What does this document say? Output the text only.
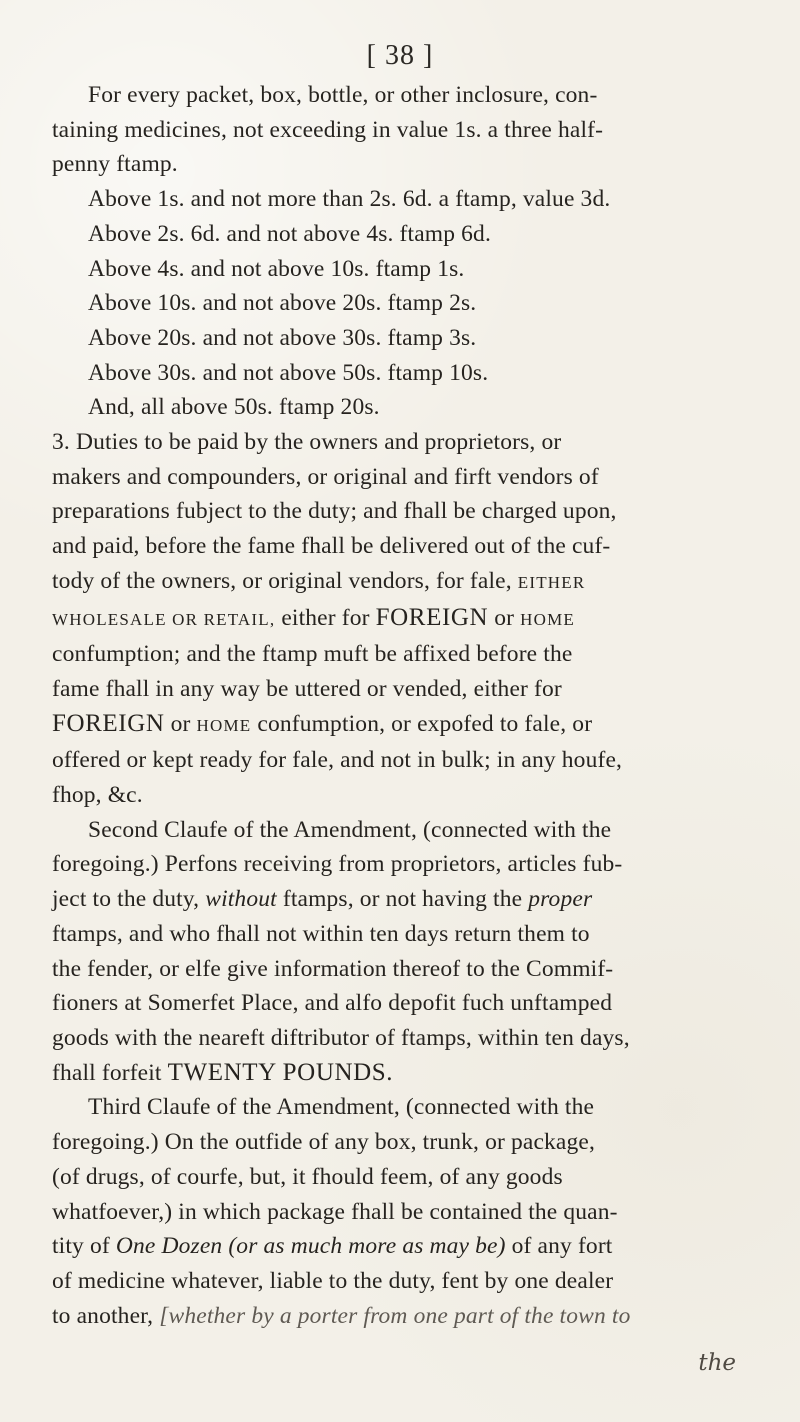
[ 38 ]
For every packet, box, bottle, or other inclosure, con-
taining medicines, not exceeding in value 1s. a three half-
penny ftamp.
Above 1s. and not more than 2s. 6d. a ftamp, value 3d.
Above 2s. 6d. and not above 4s. ftamp 6d.
Above 4s. and not above 10s. ftamp 1s.
Above 10s. and not above 20s. ftamp 2s.
Above 20s. and not above 30s. ftamp 3s.
Above 30s. and not above 50s. ftamp 10s.
And, all above 50s. ftamp 20s.
3. Duties to be paid by the owners and proprietors, or
makers and compounders, or original and firft vendors of
preparations fubject to the duty; and fhall be charged upon,
and paid, before the fame fhall be delivered out of the cuf-
tody of the owners, or original vendors, for fale, EITHER
WHOLESALE OR RETAIL, either for FOREIGN or HOME
confumption; and the ftamp muft be affixed before the
fame fhall in any way be uttered or vended, either for
FOREIGN or HOME confumption, or expofed to fale, or
offered or kept ready for fale, and not in bulk; in any houfe,
fhop, &c.
Second Claufe of the Amendment, (connected with the
foregoing.) Perfons receiving from proprietors, articles fub-
ject to the duty, without ftamps, or not having the proper
ftamps, and who fhall not within ten days return them to
the fender, or elfe give information thereof to the Commif-
fioners at Somerfet Place, and alfo depofit fuch unftamped
goods with the neareft diftributor of ftamps, within ten days,
fhall forfeit TWENTY POUNDS.
Third Claufe of the Amendment, (connected with the
foregoing.) On the outfide of any box, trunk, or package,
(of drugs, of courfe, but, it fhould feem, of any goods
whatfoever,) in which package fhall be contained the quan-
tity of One Dozen (or as much more as may be) of any fort
of medicine whatever, liable to the duty, fent by one dealer
to another, [whether by a porter from one part of the town to
the
